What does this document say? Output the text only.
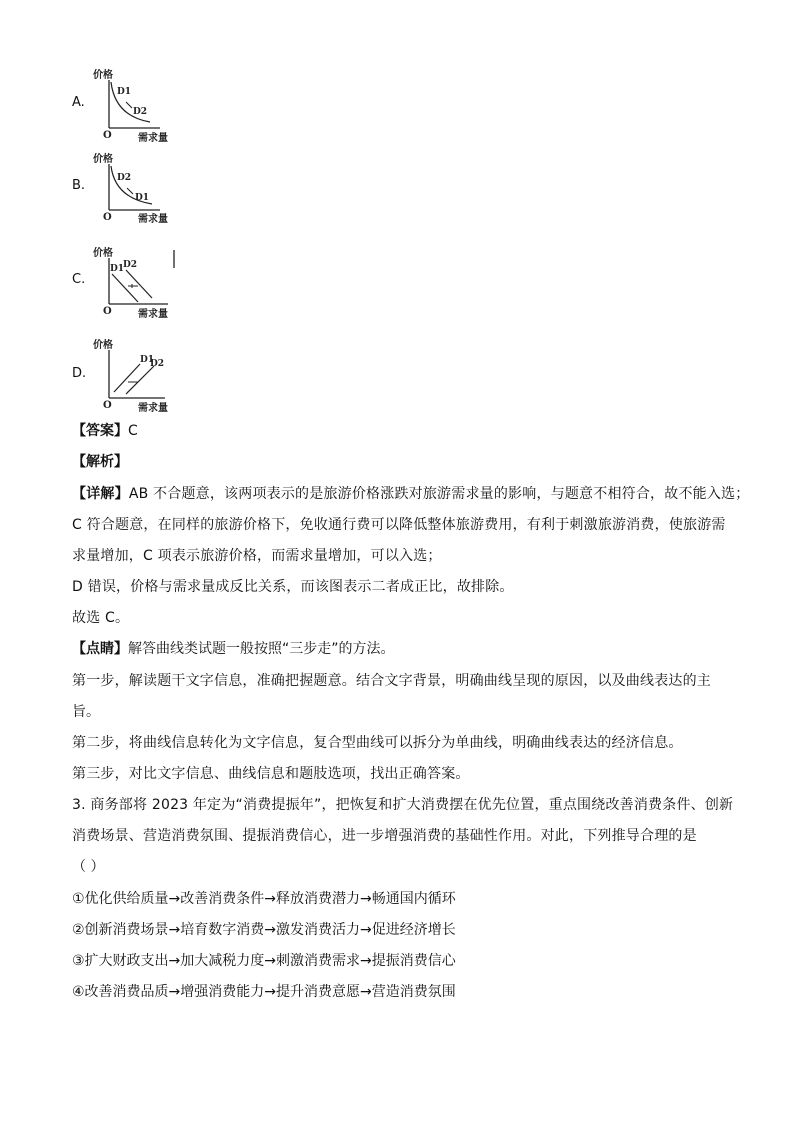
A.
价格
O	需求量
D1
D2
B.
价格
O	需求量
D2
D1
C.
价格
O	需求量
D1
D2
D.
价格
O	需求量
D1
D2
【答案】C
【解析】
【详解】AB 不合题意，该两项表示的是旅游价格涨跌对旅游需求量的影响，与题意不相符合，故不能入选；
C 符合题意，在同样的旅游价格下，免收通行费可以降低整体旅游费用，有利于刺激旅游消费，使旅游需
求量增加，C 项表示旅游价格，而需求量增加，可以入选；
D 错误，价格与需求量成反比关系，而该图表示二者成正比，故排除。
故选 C。
【点睛】解答曲线类试题一般按照“三步走”的方法。
第一步，解读题干文字信息，准确把握题意。结合文字背景，明确曲线呈现的原因，以及曲线表达的主
旨。
第二步，将曲线信息转化为文字信息，复合型曲线可以拆分为单曲线，明确曲线表达的经济信息。
第三步，对比文字信息、曲线信息和题肢选项，找出正确答案。
3. 商务部将 2023 年定为“消费提振年”，把恢复和扩大消费摆在优先位置，重点围绕改善消费条件、创新
消费场景、营造消费氛围、提振消费信心，进一步增强消费的基础性作用。对此，下列推导合理的是
（ ）
①优化供给质量→改善消费条件→释放消费潜力→畅通国内循环
②创新消费场景→培育数字消费→激发消费活力→促进经济增长
③扩大财政支出→加大减税力度→刺激消费需求→提振消费信心
④改善消费品质→增强消费能力→提升消费意愿→营造消费氛围
